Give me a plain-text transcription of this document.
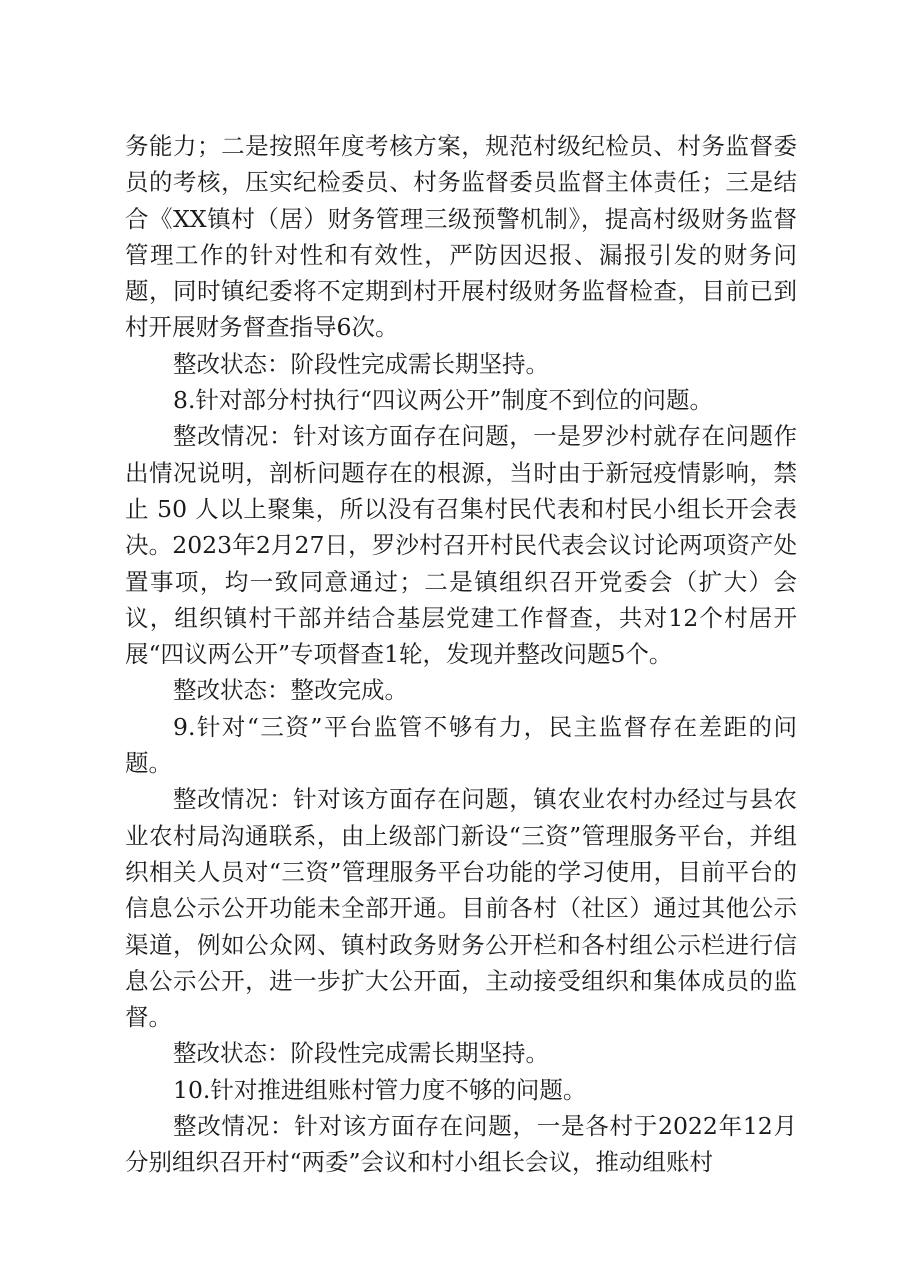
务能力；二是按照年度考核方案，规范村级纪检员、村务监督委员的考核，压实纪检委员、村务监督委员监督主体责任；三是结合《XX镇村（居）财务管理三级预警机制》，提高村级财务监督管理工作的针对性和有效性，严防因迟报、漏报引发的财务问题，同时镇纪委将不定期到村开展村级财务监督检查，目前已到村开展财务督查指导6次。

整改状态：阶段性完成需长期坚持。

8.针对部分村执行“四议两公开”制度不到位的问题。

整改情况：针对该方面存在问题，一是罗沙村就存在问题作出情况说明，剖析问题存在的根源，当时由于新冠疫情影响，禁止 50 人以上聚集，所以没有召集村民代表和村民小组长开会表决。2023年2月27日，罗沙村召开村民代表会议讨论两项资产处置事项，均一致同意通过；二是镇组织召开党委会（扩大）会议，组织镇村干部并结合基层党建工作督查，共对12个村居开展“四议两公开”专项督查1轮，发现并整改问题5个。

整改状态：整改完成。

9.针对“三资”平台监管不够有力，民主监督存在差距的问题。

整改情况：针对该方面存在问题，镇农业农村办经过与县农业农村局沟通联系，由上级部门新设“三资”管理服务平台，并组织相关人员对“三资”管理服务平台功能的学习使用，目前平台的信息公示公开功能未全部开通。目前各村（社区）通过其他公示渠道，例如公众网、镇村政务财务公开栏和各村组公示栏进行信息公示公开，进一步扩大公开面，主动接受组织和集体成员的监督。

整改状态：阶段性完成需长期坚持。

10.针对推进组账村管力度不够的问题。

整改情况：针对该方面存在问题，一是各村于2022年12月分别组织召开村“两委”会议和村小组长会议，推动组账村
